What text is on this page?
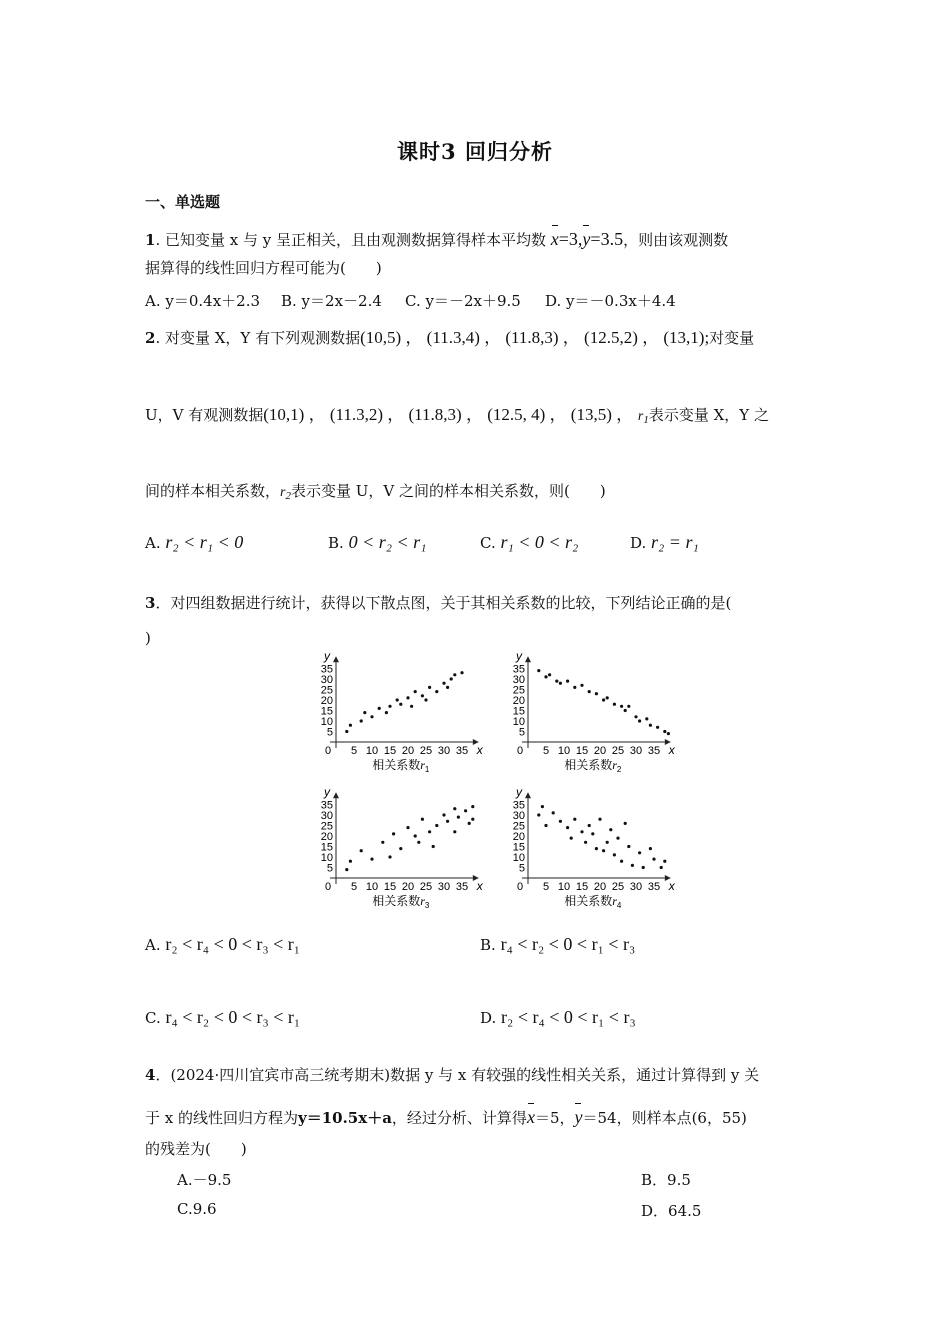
课时3 回归分析
一、单选题
1. 已知变量 x 与 y 呈正相关，且由观测数据算得样本平均数 x=3,y=3.5，则由该观测数
据算得的线性回归方程可能为(　　)
A. y＝0.4x＋2.3 B. y＝2x－2.4 C. y＝－2x＋9.5 D. y＝－0.3x＋4.4
2. 对变量 X，Y 有下列观测数据(10,5) ， (11.3,4) ， (11.8,3) ， (12.5,2) ， (13,1);对变量
U，V 有观测数据(10,1) ， (11.3,2) ， (11.8,3) ， (12.5, 4) ， (13,5) ， $r_1$表示变量 X，Y 之
间的样本相关系数，$r_2$表示变量 U，V 之间的样本相关系数，则(　　)
A. r₂ < r₁ < 0	B. 0 < r₂ < r₁	C. r₁ < 0 < r₂	D. r₂ = r₁
3．对四组数据进行统计，获得以下散点图，关于其相关系数的比较，下列结论正确的是(
)
x
y
0 5 10 15 20 25 30 35
5
10
15
20
25
30
35
相关系数$r_1$
x
y
0 5 10 15 20 25 30 35
5
10
15
20
25
30
35
相关系数$r_2$
x
y
0 5 10 15 20 25 30 35
5
10
15
20
25
30
35
相关系数$r_3$
x
y
0 5 10 15 20 25 30 35
5
10
15
20
25
30
35
相关系数$r_4$
A. r₂ < r₄ < 0 < r₃ < r₁	B. r₄ < r₂ < 0 < r₁ < r₃
C. r₄ < r₂ < 0 < r₃ < r₁	D. r₂ < r₄ < 0 < r₁ < r₃
4．(2024·四川宜宾市高三统考期末)数据 y 与 x 有较强的线性相关关系，通过计算得到 y 关
于 x 的线性回归方程为y＝10.5x＋a，经过分析、计算得x＝5，y＝54，则样本点(6，55)
的残差为(　　)
A.－9.5	B．9.5
C.9.6	D．64.5
